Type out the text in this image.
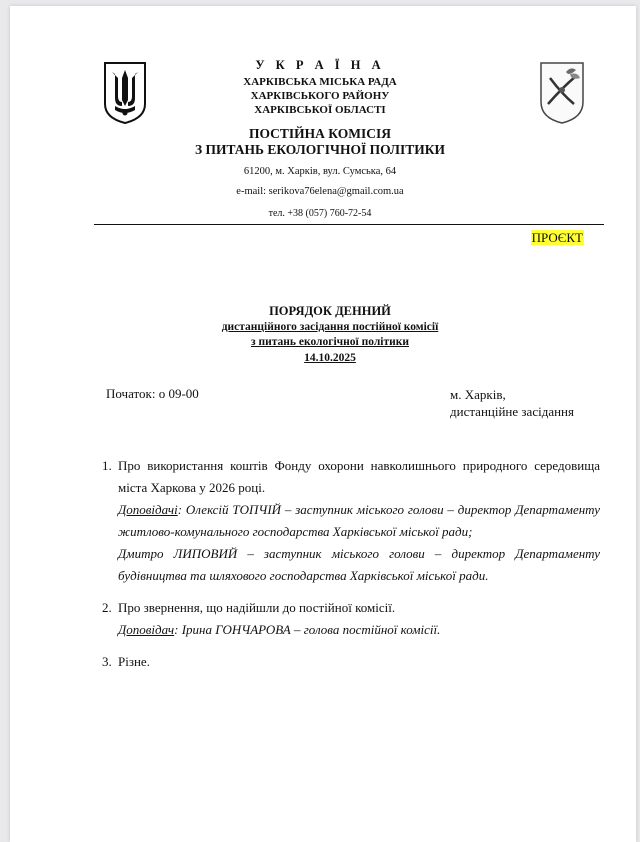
У К Р А Ї Н А
ХАРКІВСЬКА МІСЬКА РАДА
ХАРКІВСЬКОГО РАЙОНУ
ХАРКІВСЬКОЇ ОБЛАСТІ
ПОСТІЙНА КОМІСІЯ
З ПИТАНЬ ЕКОЛОГІЧНОЇ ПОЛІТИКИ
61200, м. Харків, вул. Сумська, 64
e-mail: serikova76elena@gmail.com.ua
тел. +38 (057) 760-72-54
ПРОЄКТ
ПОРЯДОК ДЕННИЙ
дистанційного засідання постійної комісії
з питань екологічної політики
14.10.2025
Початок: о 09-00	м. Харків,
дистанційне засідання
1. Про використання коштів Фонду охорони навколишнього природного середовища міста Харкова у 2026 році.
Доповідачі: Олексій ТОПЧІЙ – заступник міського голови – директор Департаменту житлово-комунального господарства Харківської міської ради;
Дмитро ЛИПОВИЙ – заступник міського голови – директор Департаменту будівництва та шляхового господарства Харківської міської ради.
2. Про звернення, що надійшли до постійної комісії.
Доповідач: Ірина ГОНЧАРОВА – голова постійної комісії.
3. Різне.
